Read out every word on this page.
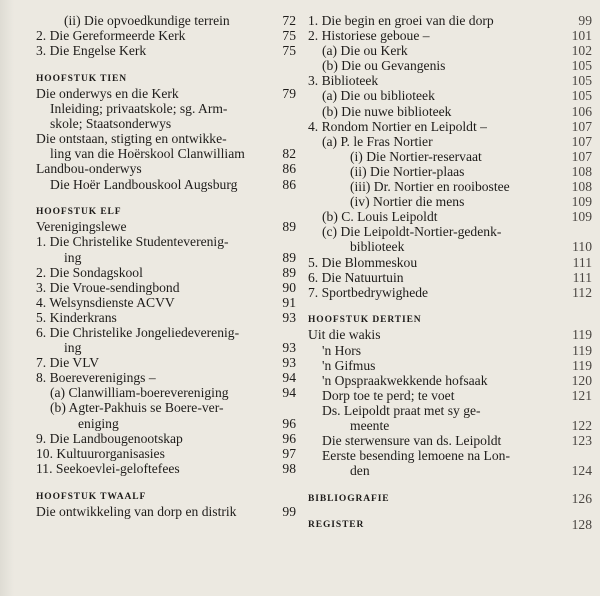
(ii) Die opvoedkundige terrein	72
2. Die Gereformeerde Kerk	75
3. Die Engelse Kerk	75
HOOFSTUK TIEN
Die onderwys en die Kerk	79
Inleiding; privaatskole; sg. Arm-
skole; Staatsonderwys
Die ontstaan, stigting en ontwikke-
ling van die Hoërskool Clanwilliam	82
Landbou-onderwys	86
Die Hoër Landbouskool Augsburg	86
HOOFSTUK ELF
Verenigingslewe	89
1. Die Christelike Studenteverenig-
ing	89
2. Die Sondagskool	89
3. Die Vroue-sendingbond	90
4. Welsynsdienste ACVV	91
5. Kinderkrans	93
6. Die Christelike Jongeliedeverenig-
ing	93
7. Die VLV	93
8. Boereverenigings –	94
(a) Clanwilliam-boerevereniging	94
(b) Agter-Pakhuis se Boere-ver-
eniging	96
9. Die Landbougenootskap	96
10. Kultuurorganisasies	97
11. Seekoevlei-geloftefees	98
HOOFSTUK TWAALF
Die ontwikkeling van dorp en distrik	99
1. Die begin en groei van die dorp	99
2. Historiese geboue –	101
(a) Die ou Kerk	102
(b) Die ou Gevangenis	105
3. Biblioteek	105
(a) Die ou biblioteek	105
(b) Die nuwe biblioteek	106
4. Rondom Nortier en Leipoldt –	107
(a) P. le Fras Nortier	107
(i) Die Nortier-reservaat	107
(ii) Die Nortier-plaas	108
(iii) Dr. Nortier en rooibostee	108
(iv) Nortier die mens	109
(b) C. Louis Leipoldt	109
(c) Die Leipoldt-Nortier-gedenk-
biblioteek	110
5. Die Blommeskou	111
6. Die Natuurtuin	111
7. Sportbedrywighede	112
HOOFSTUK DERTIEN
Uit die wakis	119
'n Hors	119
'n Gifmus	119
'n Opspraakwekkende hofsaak	120
Dorp toe te perd; te voet	121
Ds. Leipoldt praat met sy ge-
meente	122
Die sterwensure van ds. Leipoldt	123
Eerste besending lemoene na Lon-
den	124
BIBLIOGRAFIE	126
REGISTER	128
